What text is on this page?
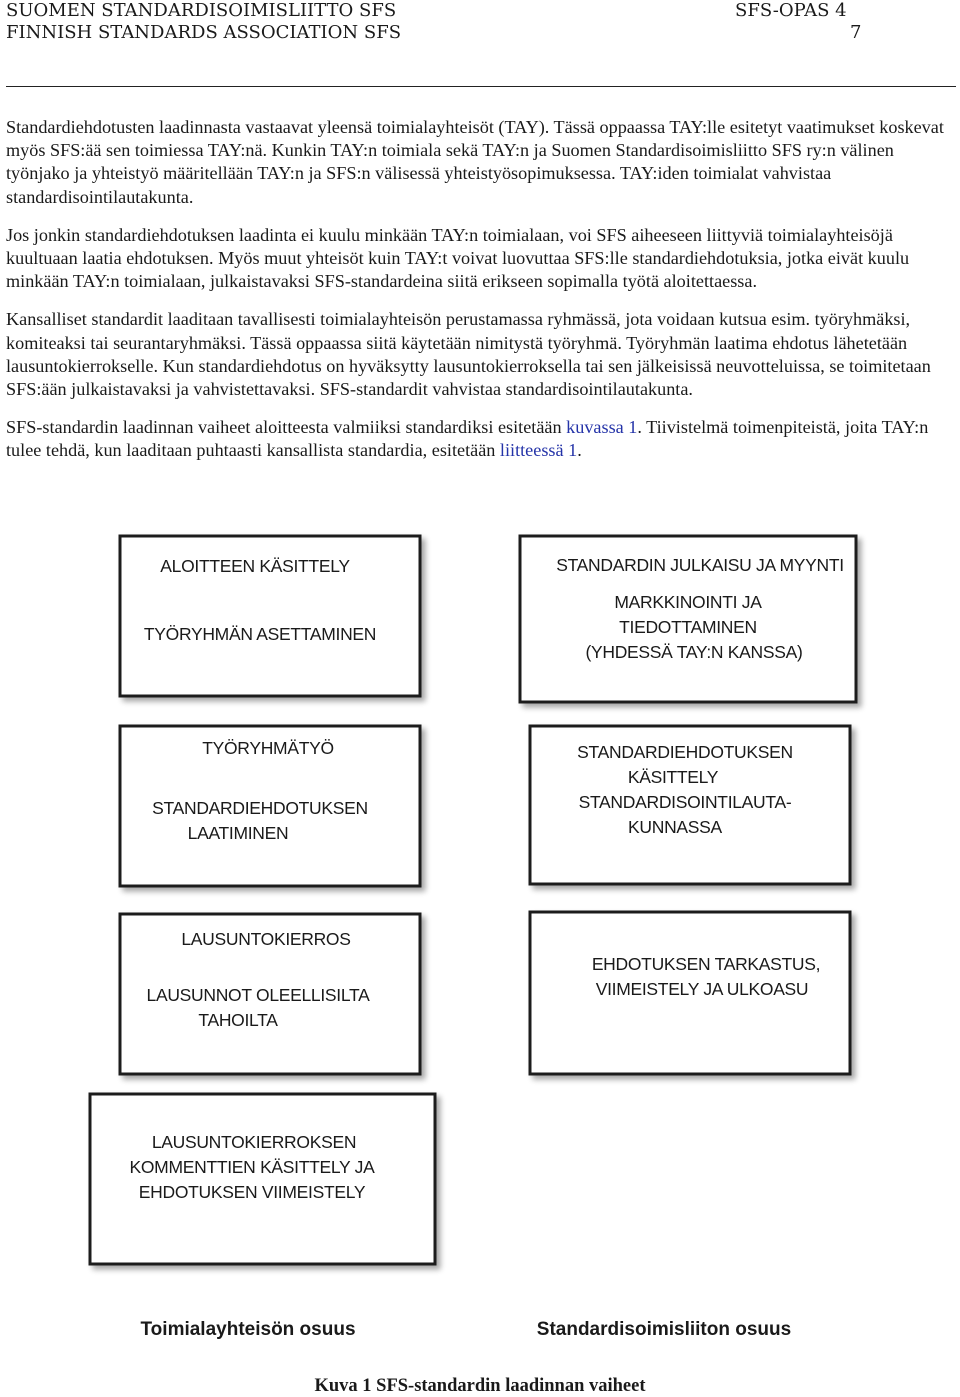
SUOMEN STANDARDISOIMISLIITTO SFS
FINNISH STANDARDS ASSOCIATION SFS
SFS-OPAS 4
7

Standardiehdotusten laadinnasta vastaavat yleensä toimialayhteisöt (TAY). Tässä oppaassa TAY:lle esitetyt vaatimukset koskevat myös SFS:ää sen toimiessa TAY:nä. Kunkin TAY:n toimiala sekä TAY:n ja Suomen Standardisoimisliitto SFS ry:n välinen työnjako ja yhteistyö määritellään TAY:n ja SFS:n välisessä yhteistyösopimuksessa. TAY:iden toimialat vahvistaa standardisointilautakunta.

Jos jonkin standardiehdotuksen laadinta ei kuulu minkään TAY:n toimialaan, voi SFS aiheeseen liittyviä toimialayhteisöjä kuultuaan laatia ehdotuksen. Myös muut yhteisöt kuin TAY:t voivat luovuttaa SFS:lle standardiehdotuksia, jotka eivät kuulu minkään TAY:n toimialaan, julkaistavaksi SFS-standardeina siitä erikseen sopimalla työtä aloitettaessa.

Kansalliset standardit laaditaan tavallisesti toimialayhteisön perustamassa ryhmässä, jota voidaan kutsua esim. työryhmäksi, komiteaksi tai seurantaryhmäksi. Tässä oppaassa siitä käytetään nimitystä työryhmä. Työryhmän laatima ehdotus lähetetään lausuntokierrokselle. Kun standardiehdotus on hyväksytty lausuntokierroksella tai sen jälkeisissä neuvotteluissa, se toimitetaan SFS:ään julkaistavaksi ja vahvistettavaksi. SFS-standardit vahvistaa standardisointilautakunta.

SFS-standardin laadinnan vaiheet aloitteesta valmiiksi standardiksi esitetään kuvassa 1. Tiivistelmä toimenpiteistä, joita TAY:n tulee tehdä, kun laaditaan puhtaasti kansallista standardia, esitetään liitteessä 1.

ALOITTEEN KÄSITTELY
TYÖRYHMÄN ASETTAMINEN
TYÖRYHMÄTYÖ
STANDARDIEHDOTUKSEN
LAATIMINEN
LAUSUNTOKIERROS
LAUSUNNOT OLEELLISILTA
TAHOILTA
LAUSUNTOKIERROKSEN
KOMMENTTIEN KÄSITTELY JA
EHDOTUKSEN VIIMEISTELY
STANDARDIN JULKAISU JA MYYNTI
MARKKINOINTI JA
TIEDOTTAMINEN
(YHDESSÄ TAY:N KANSSA)
STANDARDIEHDOTUKSEN
KÄSITTELY
STANDARDISOINTILAUTA-
KUNNASSA
EHDOTUKSEN TARKASTUS,
VIIMEISTELY JA ULKOASU
Toimialayhteisön osuus	Standardisoimisliiton osuus
Kuva 1 SFS-standardin laadinnan vaiheet
